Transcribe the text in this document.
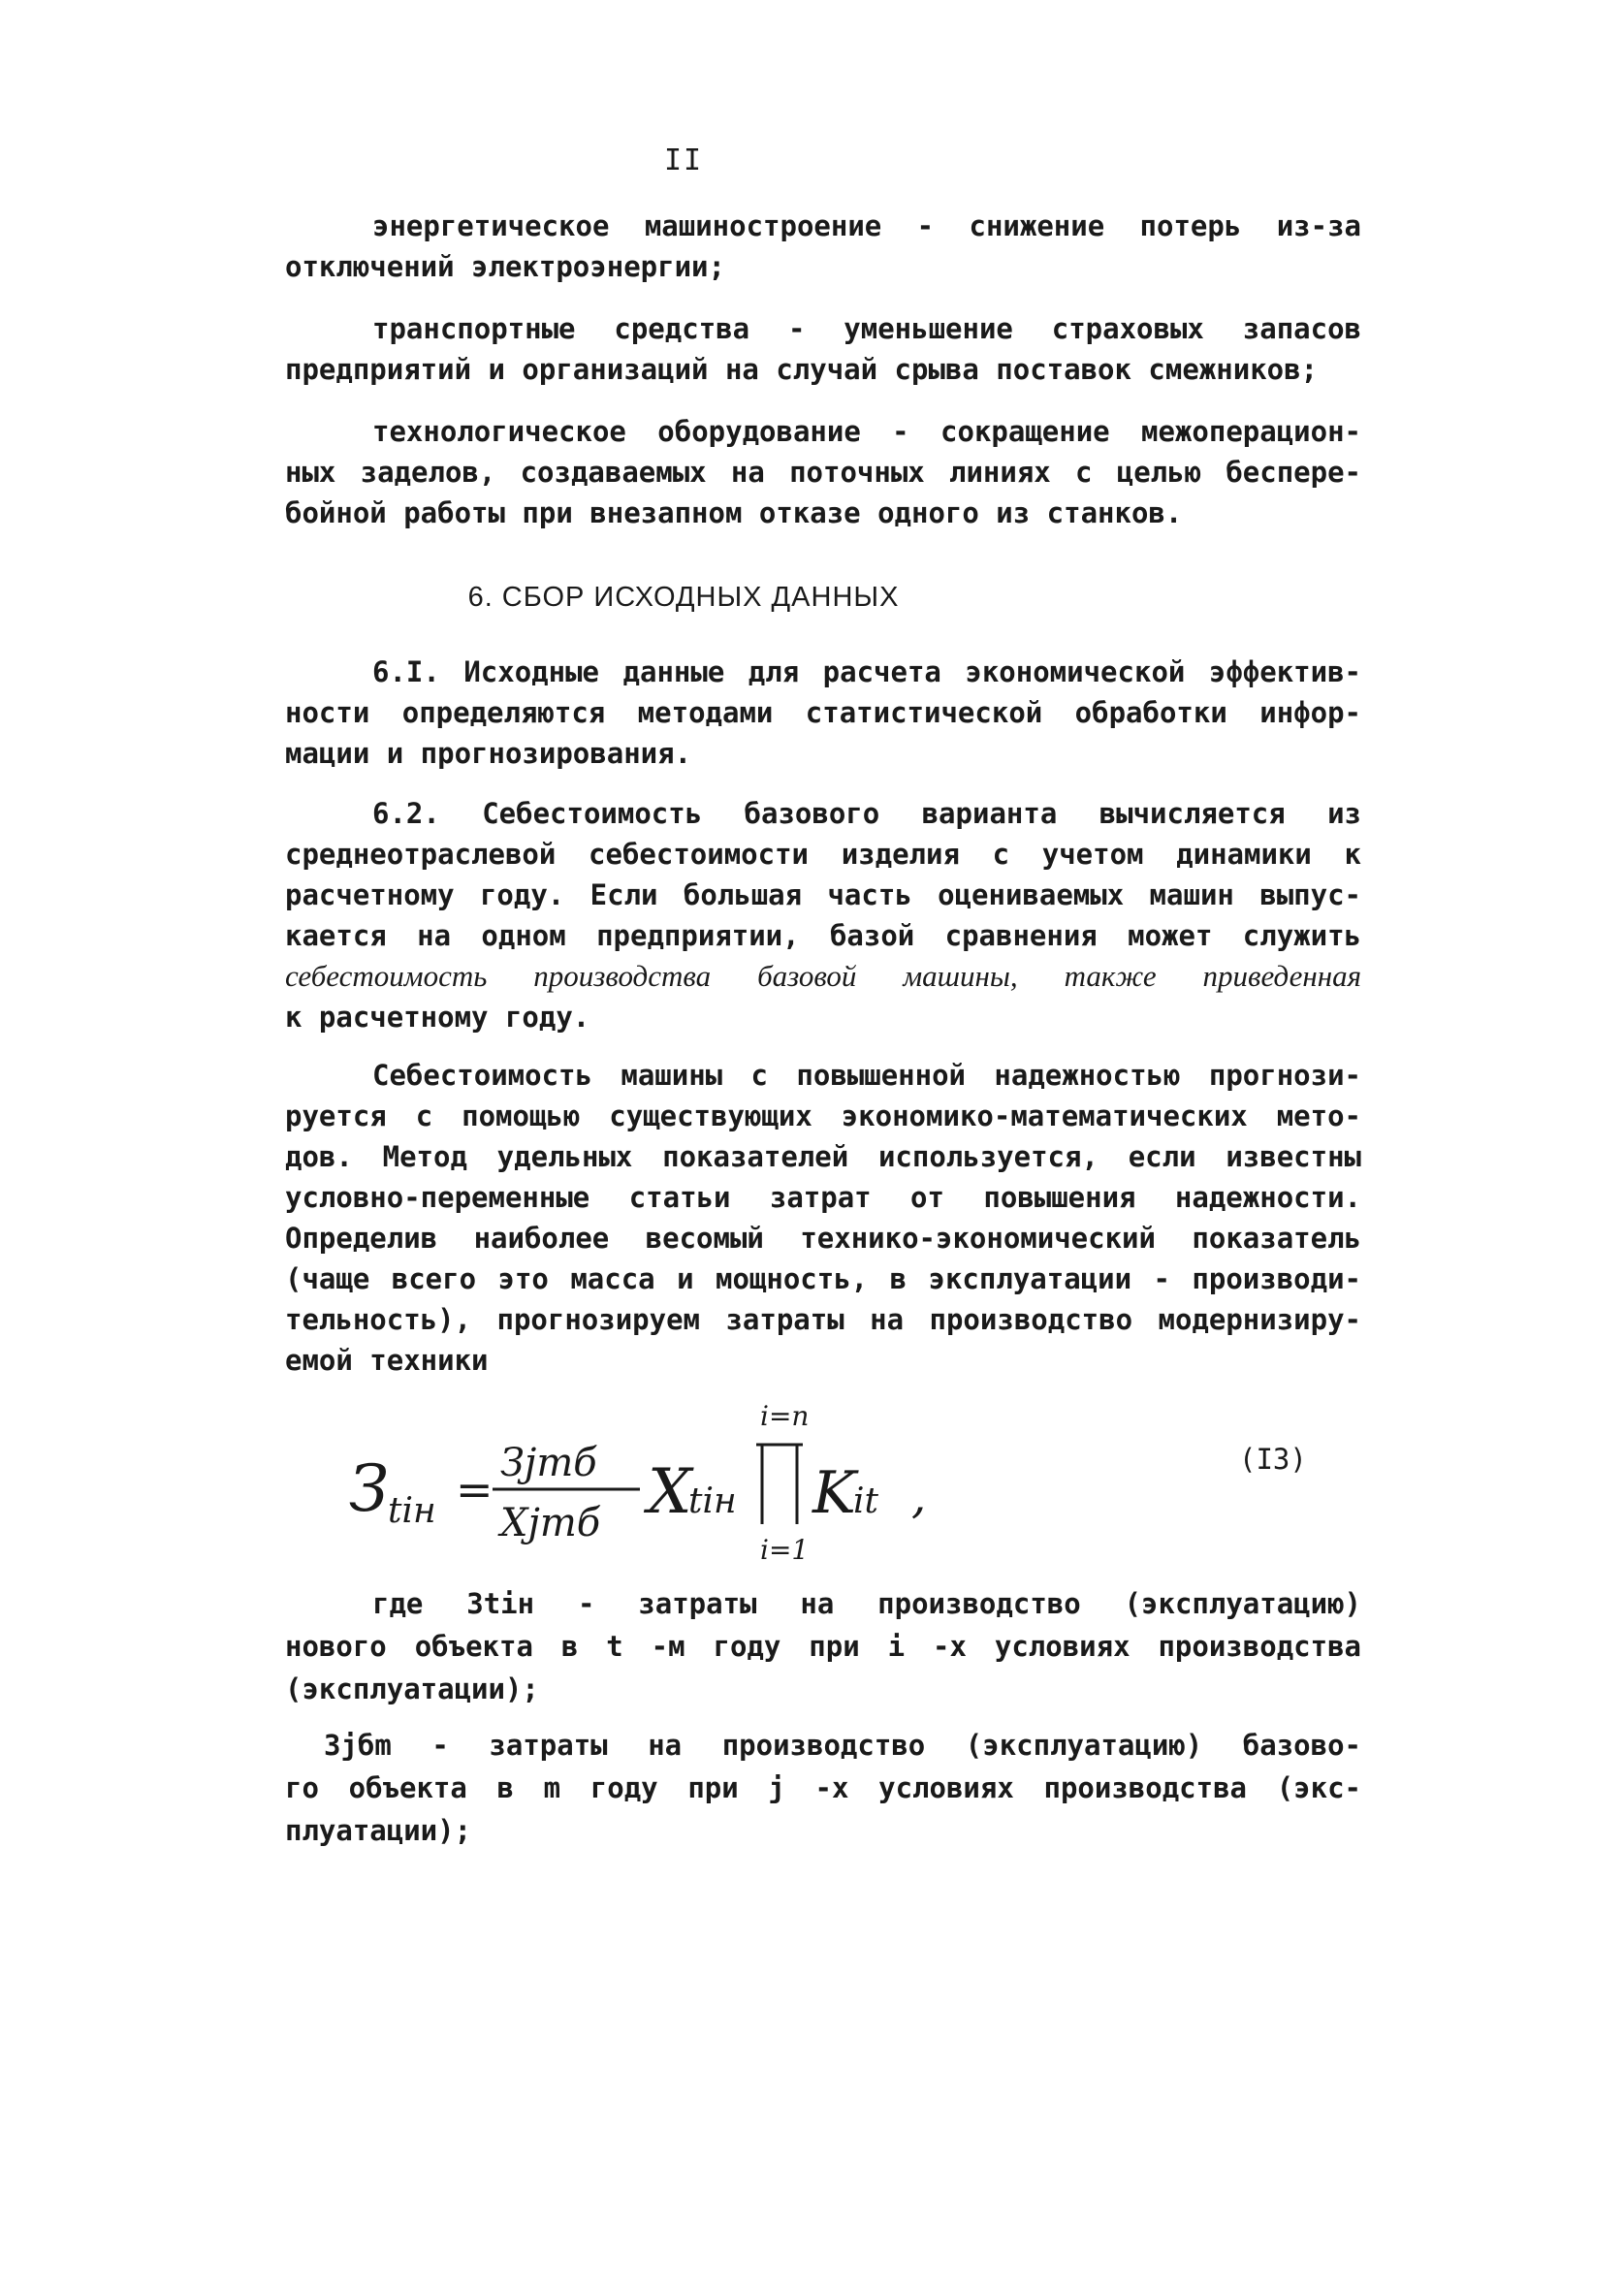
II
энергетическое машиностроение - снижение потерь из-за
отключений электроэнергии;
транспортные средства - уменьшение страховых запасов
предприятий и организаций на случай срыва поставок смежников;
технологическое оборудование - сокращение межоперацион-
ных заделов, создаваемых на поточных линиях с целью бесперe-
бойной работы при внезапном отказе одного из станков.
6. СБОР ИСХОДНЫХ ДАННЫХ
6.I. Исходные данные для расчета экономической эффектив-
ности определяются методами статистической обработки инфор-
мации и прогнозирования.
6.2. Себестоимость базового варианта вычисляется из
среднеотраслевой себестоимости изделия с учетом динамики к
расчетному году. Если большая часть оцениваемых машин выпус-
кается на одном предприятии, базой сравнения может служить
себестоимость производства базовой машины, также приведенная
к расчетному году.
Себестоимость машины с повышенной надежностью прогнози-
руется с помощью существующих экономико-математических мето-
дов. Метод удельных показателей используется, если известны
условно-переменные статьи затрат от повышения надежности.
Определив наиболее весомый технико-экономический показатель
(чаще всего это масса и мощность, в эксплуатации - производи-
тельность), прогнозируем затраты на производство модернизиру-
емой техники
З
tiн = Зjmб
Xjmб X
tiн
i=n
i=1
K
it ,
(I3)
где Зtiн - затраты на производство (эксплуатацию)
нового объекта в t -м году при i -х условиях производства
(эксплуатации);
Зjбm - затраты на производство (эксплуатацию) базово-
го объекта в m году при j -х условиях производства (экс-
плуатации);
